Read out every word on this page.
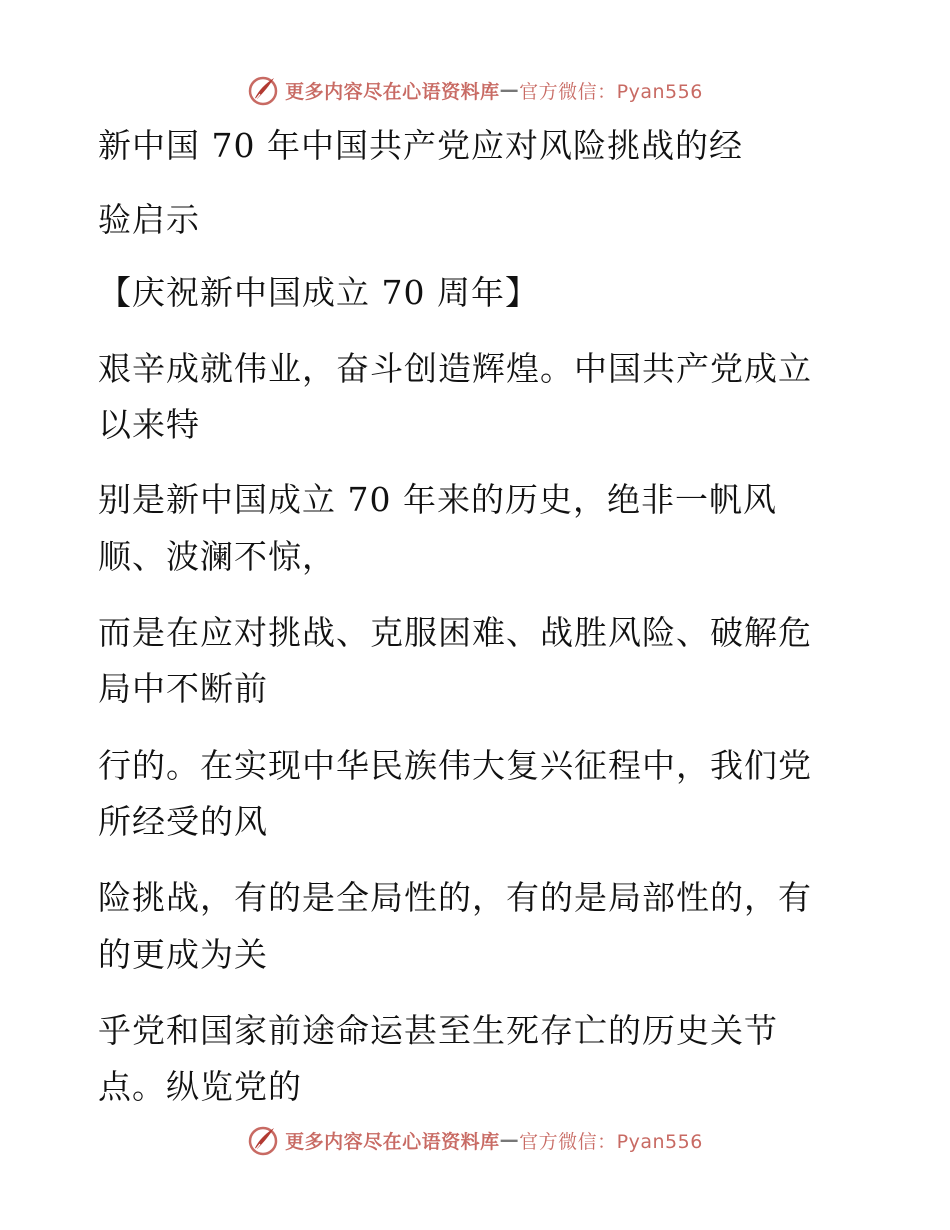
更多内容尽在心语资料库 — 官方微信：Pyan556
新中国 70 年中国共产党应对风险挑战的经
验启示
【庆祝新中国成立 70 周年】
艰辛成就伟业，奋斗创造辉煌。中国共产党成立
以来特
别是新中国成立 70 年来的历史，绝非一帆风
顺、波澜不惊，
而是在应对挑战、克服困难、战胜风险、破解危
局中不断前
行的。在实现中华民族伟大复兴征程中，我们党
所经受的风
险挑战，有的是全局性的，有的是局部性的，有
的更成为关
乎党和国家前途命运甚至生死存亡的历史关节
点。纵览党的
更多内容尽在心语资料库 — 官方微信：Pyan556
